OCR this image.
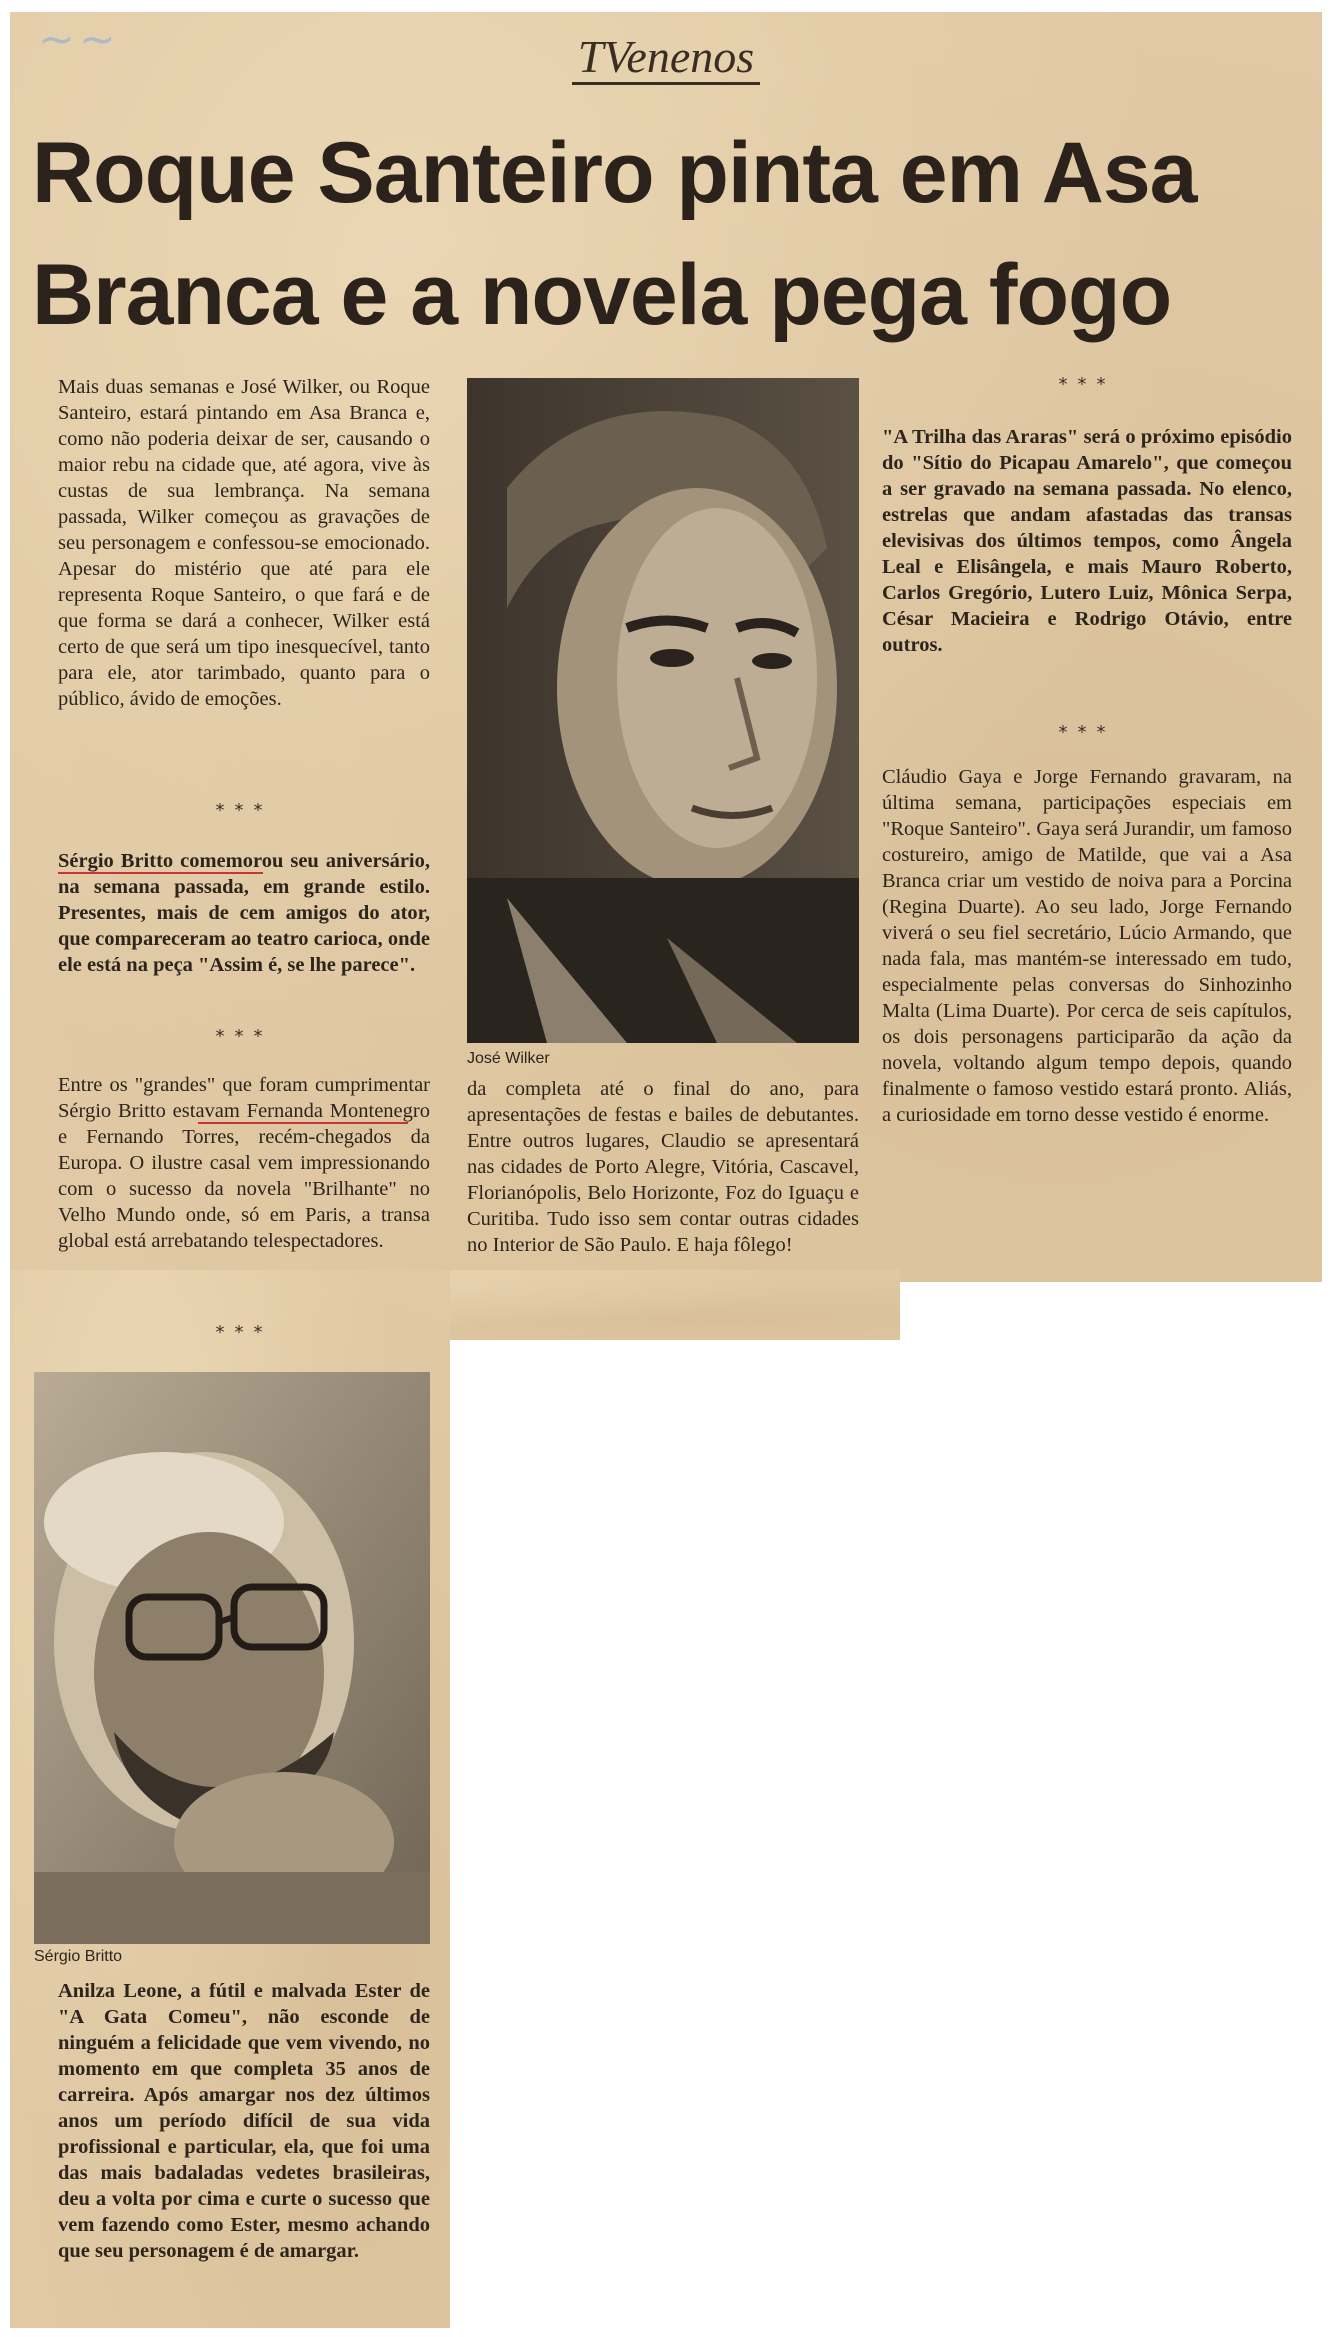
~~	TVenenos
Roque Santeiro pinta em Asa Branca e a novela pega fogo

Mais duas semanas e José Wilker, ou Roque Santeiro, estará pintando em Asa Branca e, como não poderia deixar de ser, causando o maior rebu na cidade que, até agora, vive às custas de sua lembrança. Na semana passada, Wilker começou as gravações de seu personagem e confessou-se emocionado. Apesar do mistério que até para ele representa Roque Santeiro, o que fará e de que forma se dará a conhecer, Wilker está certo de que será um tipo inesquecível, tanto para ele, ator tarimbado, quanto para o público, ávido de emoções.

***

Sérgio Britto comemorou seu aniversário, na semana passada, em grande estilo. Presentes, mais de cem amigos do ator, que compareceram ao teatro carioca, onde ele está na peça "Assim é, se lhe parece".

***

Entre os "grandes" que foram cumprimentar Sérgio Britto estavam Fernanda Montenegro e Fernando Torres, recém-chegados da Europa. O ilustre casal vem impressionando com o sucesso da novela "Brilhante" no Velho Mundo onde, só em Paris, a transa global está arrebatando telespectadores.

***
Sérgio Britto

Anilza Leone, a fútil e malvada Ester de "A Gata Comeu", não esconde de ninguém a felicidade que vem vivendo, no momento em que completa 35 anos de carreira. Após amargar nos dez últimos anos um período difícil de sua vida profissional e particular, ela, que foi uma das mais badaladas vedetes brasileiras, deu a volta por cima e curte o sucesso que vem fazendo como Ester, mesmo achando que seu personagem é de amargar.

José Wilker

da completa até o final do ano, para apresentações de festas e bailes de debutantes. Entre outros lugares, Claudio se apresentará nas cidades de Porto Alegre, Vitória, Cascavel, Florianópolis, Belo Horizonte, Foz do Iguaçu e Curitiba. Tudo isso sem contar outras cidades no Interior de São Paulo. E haja fôlego!

***

"A Trilha das Araras" será o próximo episódio do "Sítio do Picapau Amarelo", que começou a ser gravado na semana passada. No elenco, estrelas que andam afastadas das transas elevisivas dos últimos tempos, como Ângela Leal e Elisângela, e mais Mauro Roberto, Carlos Gregório, Lutero Luiz, Mônica Serpa, César Macieira e Rodrigo Otávio, entre outros.

***

Cláudio Gaya e Jorge Fernando gravaram, na última semana, participações especiais em "Roque Santeiro". Gaya será Jurandir, um famoso costureiro, amigo de Matilde, que vai a Asa Branca criar um vestido de noiva para a Porcina (Regina Duarte). Ao seu lado, Jorge Fernando viverá o seu fiel secretário, Lúcio Armando, que nada fala, mas mantém-se interessado em tudo, especialmente pelas conversas do Sinhozinho Malta (Lima Duarte). Por cerca de seis capítulos, os dois personagens participarão da ação da novela, voltando algum tempo depois, quando finalmente o famoso vestido estará pronto. Aliás, a curiosidade em torno desse vestido é enorme.
